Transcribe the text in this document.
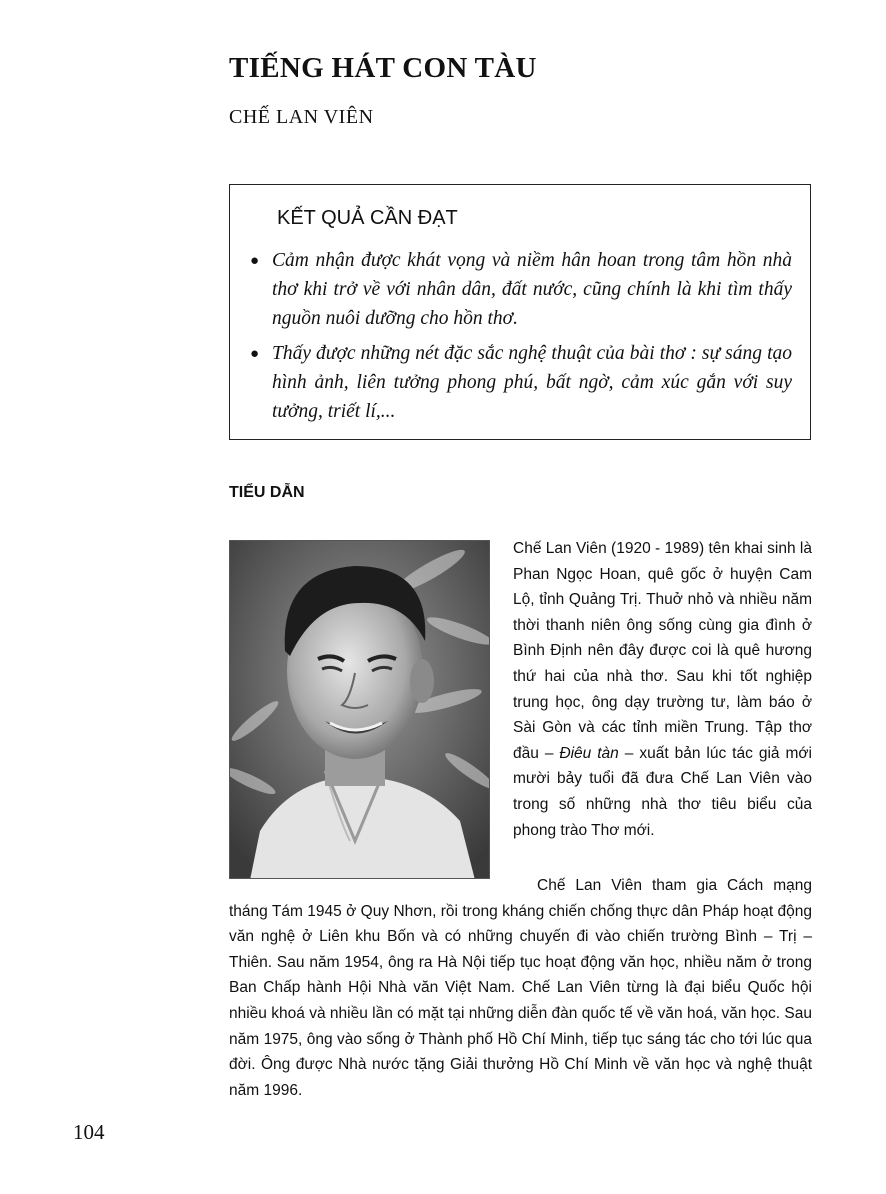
TIẾNG HÁT CON TÀU

CHẾ LAN VIÊN

KẾT QUẢ CẦN ĐẠT

● Cảm nhận được khát vọng và niềm hân hoan trong tâm hồn nhà thơ khi trở về với nhân dân, đất nước, cũng chính là khi tìm thấy nguồn nuôi dưỡng cho hồn thơ.
● Thấy được những nét đặc sắc nghệ thuật của bài thơ : sự sáng tạo hình ảnh, liên tưởng phong phú, bất ngờ, cảm xúc gắn với suy tưởng, triết lí,...
TIỂU DẪN

Chế Lan Viên (1920 - 1989) tên khai sinh là Phan Ngọc Hoan, quê gốc ở huyện Cam Lộ, tỉnh Quảng Trị. Thuở nhỏ và nhiều năm thời thanh niên ông sống cùng gia đình ở Bình Định nên đây được coi là quê hương thứ hai của nhà thơ. Sau khi tốt nghiệp trung học, ông dạy trường tư, làm báo ở Sài Gòn và các tỉnh miền Trung. Tập thơ đầu – Điêu tàn – xuất bản lúc tác giả mới mười bảy tuổi đã đưa Chế Lan Viên vào trong số những nhà thơ tiêu biểu của phong trào Thơ mới.

Chế Lan Viên tham gia Cách mạng tháng Tám 1945 ở Quy Nhơn, rồi trong kháng chiến chống thực dân Pháp hoạt động văn nghệ ở Liên khu Bốn và có những chuyến đi vào chiến trường Bình – Trị – Thiên. Sau năm 1954, ông ra Hà Nội tiếp tục hoạt động văn học, nhiều năm ở trong Ban Chấp hành Hội Nhà văn Việt Nam. Chế Lan Viên từng là đại biểu Quốc hội nhiều khoá và nhiều lần có mặt tại những diễn đàn quốc tế về văn hoá, văn học. Sau năm 1975, ông vào sống ở Thành phố Hồ Chí Minh, tiếp tục sáng tác cho tới lúc qua đời. Ông được Nhà nước tặng Giải thưởng Hồ Chí Minh về văn học và nghệ thuật năm 1996.

104
